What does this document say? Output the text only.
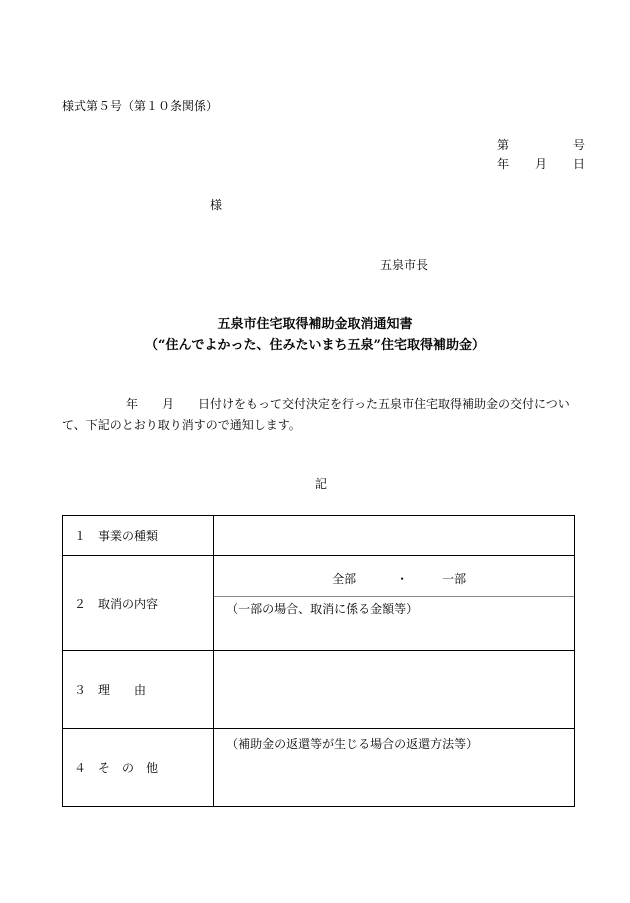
様式第５号（第１０条関係）
第	号
年 月 日
様
五泉市長
五泉市住宅取得補助金取消通知書
（“住んでよかった、住みたいまち五泉”住宅取得補助金）
年 月 日付けをもって交付決定を行った五泉市住宅取得補助金の交付につい
て、下記のとおり取り消すので通知します。
記
１　事業の種類	
２　取消の内容	全部 ・ 一部
（一部の場合、取消に係る金額等）

３　理　　由	
４　そ　の　他	（補助金の返還等が生じる場合の返還方法等）
